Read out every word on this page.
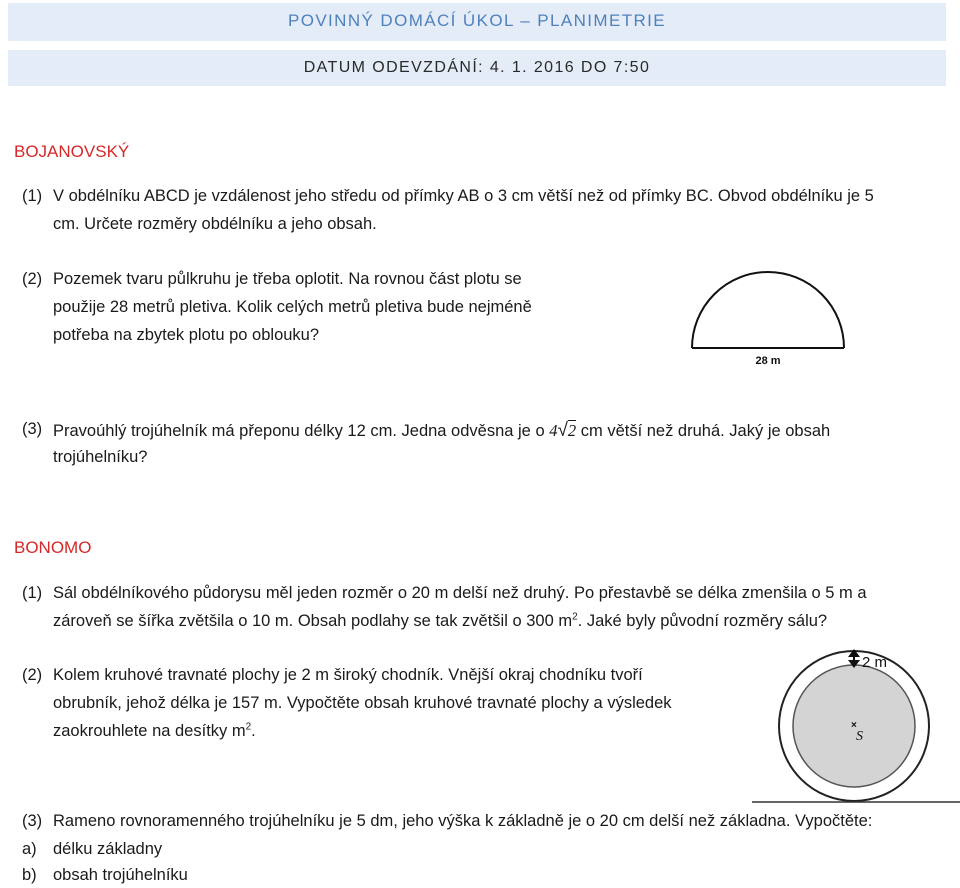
POVINNÝ DOMÁCÍ ÚKOL – PLANIMETRIE
DATUM ODEVZDÁNÍ: 4. 1. 2016 DO 7:50
BOJANOVSKÝ
(1) V obdélníku ABCD je vzdálenost jeho středu od přímky AB o 3 cm větší než od přímky BC. Obvod obdélníku je 5
cm. Určete rozměry obdélníku a jeho obsah.
(2) Pozemek tvaru půlkruhu je třeba oplotit. Na rovnou část plotu se
použije 28 metrů pletiva. Kolik celých metrů pletiva bude nejméně
potřeba na zbytek plotu po oblouku?
28 m
(3) Pravoúhlý trojúhelník má přeponu délky 12 cm. Jedna odvěsna je o 4√2 cm větší než druhá. Jaký je obsah
trojúhelníku?
BONOMO
(1) Sál obdélníkového půdorysu měl jeden rozměr o 20 m delší než druhý. Po přestavbě se délka zmenšila o 5 m a
zároveň se šířka zvětšila o 10 m. Obsah podlahy se tak zvětšil o 300 $m^2$. Jaké byly původní rozměry sálu?
(2) Kolem kruhové travnaté plochy je 2 m široký chodník. Vnější okraj chodníku tvoří
obrubník, jehož délka je 157 m. Vypočtěte obsah kruhové travnaté plochy a výsledek
zaokrouhlete na desítky $m^2$.
2 m
×
S
(3) Rameno rovnoramenného trojúhelníku je 5 dm, jeho výška k základně je o 20 cm delší než základna. Vypočtěte:
a) délku základny
b) obsah trojúhelníku
